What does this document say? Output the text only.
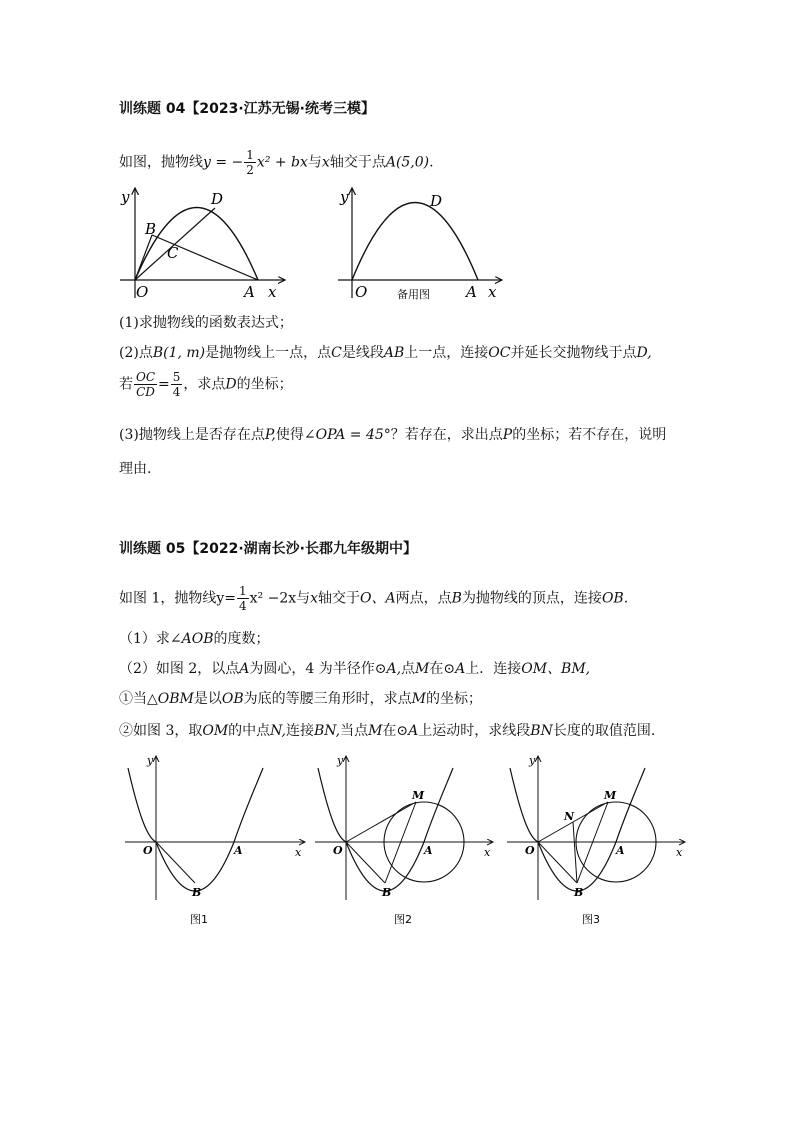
训练题 04【2023·江苏无锡·统考三模】
如图，抛物线y = − $\frac{1}{2} x^2$ + bx与x轴交于点A(5,0).
y
x
O	A
B
C
D	y
x
O	A
D
备用图
(1)求抛物线的函数表达式；
(2)点B(1, m)是抛物线上一点，点C是线段AB上一点，连接OC并延长交抛物线于点D,
若 $\frac{OC}{CD} = \frac{5}{4}$ ，求点D的坐标；
(3)抛物线上是否存在点P,使得∠OPA = 45°？若存在，求出点P的坐标；若不存在，说明
理由.
训练题 05【2022·湖南长沙·长郡九年级期中】
如图 1，抛物线$y= \frac{1}{4} x^2 -2x$与x轴交于O、A两点，点B为抛物线的顶点，连接OB.
（1）求∠AOB的度数；
（2）如图 2，以点A为圆心，4 为半径作⊙A,点M在⊙A上．连接OM、BM,
①当△OBM是以OB为底的等腰三角形时，求点M的坐标；
②如图 3，取OM的中点N,连接BN,当点M在⊙A上运动时，求线段BN长度的取值范围.
y
x
O	A
B
图1
y
x
O	A
B
M
图2
y
x
O	A
B
M
N
图3
